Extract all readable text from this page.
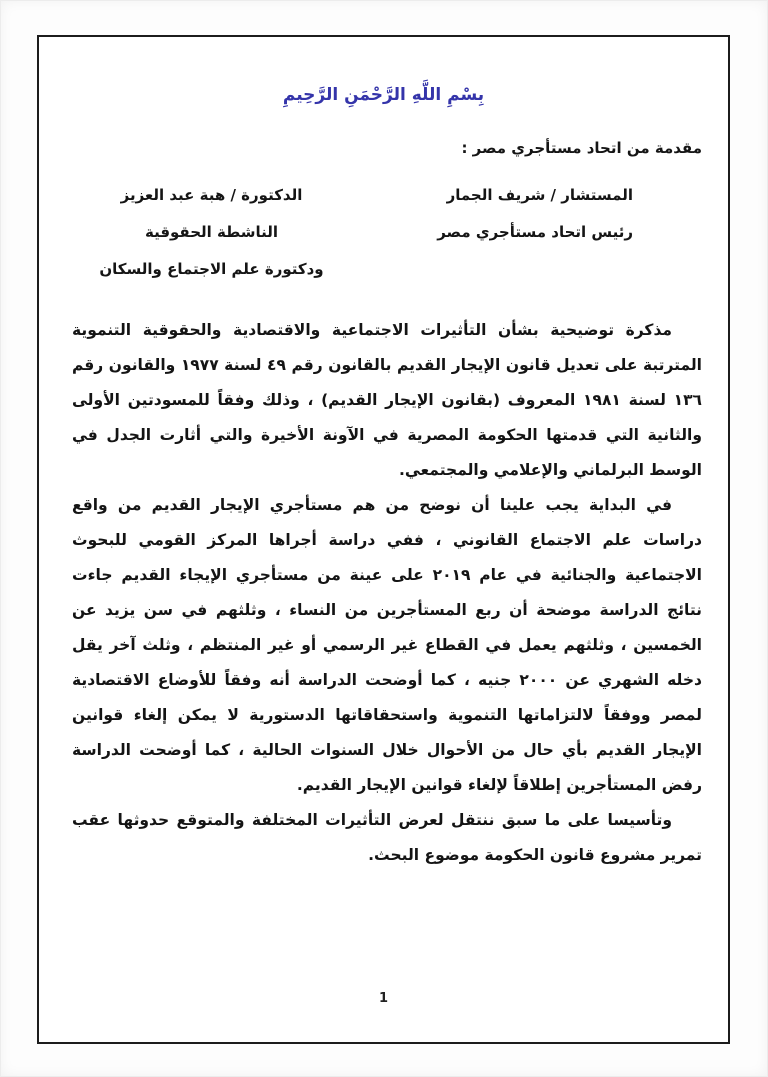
بِسْمِ اللَّهِ الرَّحْمَنِ الرَّحِيمِ
مقدمة من اتحاد مستأجري مصر :
المستشار / شريف الجمار
رئيس اتحاد مستأجري مصر
الدكتورة / هبة عبد العزيز
الناشطة الحقوقية
ودكتورة علم الاجتماع والسكان

مذكرة توضيحية بشأن التأثيرات الاجتماعية والاقتصادية والحقوقية التنموية المترتبة على تعديل قانون الإيجار القديم بالقانون رقم ٤٩ لسنة ١٩٧٧ والقانون رقم ١٣٦ لسنة ١٩٨١ المعروف (بقانون الإيجار القديم) ، وذلك وفقاً للمسودتين الأولى والثانية التي قدمتها الحكومة المصرية في الآونة الأخيرة والتي أثارت الجدل في الوسط البرلماني والإعلامي والمجتمعي.

في البداية يجب علينا أن نوضح من هم مستأجري الإيجار القديم من واقع دراسات علم الاجتماع القانوني ، ففي دراسة أجراها المركز القومي للبحوث الاجتماعية والجنائية في عام ٢٠١٩ على عينة من مستأجري الإيجاء القديم جاءت نتائج الدراسة موضحة أن ربع المستأجرين من النساء ، وثلثهم في سن يزيد عن الخمسين ، وثلثهم يعمل في القطاع غير الرسمي أو غير المنتظم ، وثلث آخر يقل دخله الشهري عن ٢٠٠٠ جنيه ، كما أوضحت الدراسة أنه وفقاً للأوضاع الاقتصادية لمصر ووفقاً لالتزاماتها التنموية واستحقاقاتها الدستورية لا يمكن إلغاء قوانين الإيجار القديم بأي حال من الأحوال خلال السنوات الحالية ، كما أوضحت الدراسة رفض المستأجرين إطلاقاً لإلغاء قوانين الإيجار القديم.

وتأسيسا على ما سبق ننتقل لعرض التأثيرات المختلفة والمتوقع حدوثها عقب تمرير مشروع قانون الحكومة موضوع البحث.

1
